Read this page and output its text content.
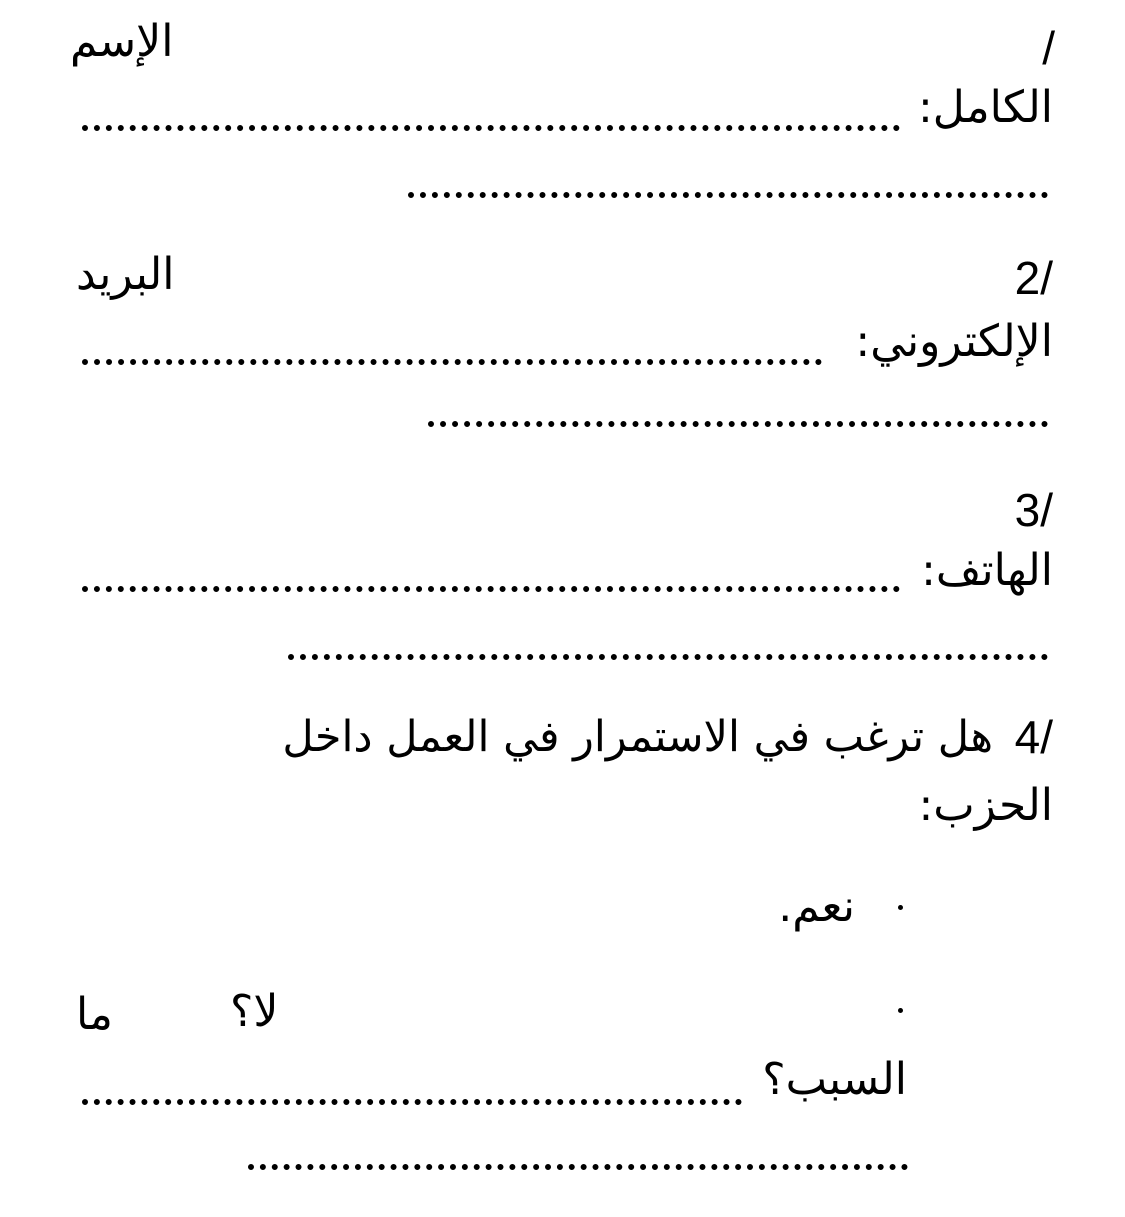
/
الإسم
الكامل:
2/
البريد
الإلكتروني:
3/
الهاتف:
4/
هل ترغب في الاستمرار في العمل داخل
الحزب:
نعم.
لا؟
ما
السبب؟
